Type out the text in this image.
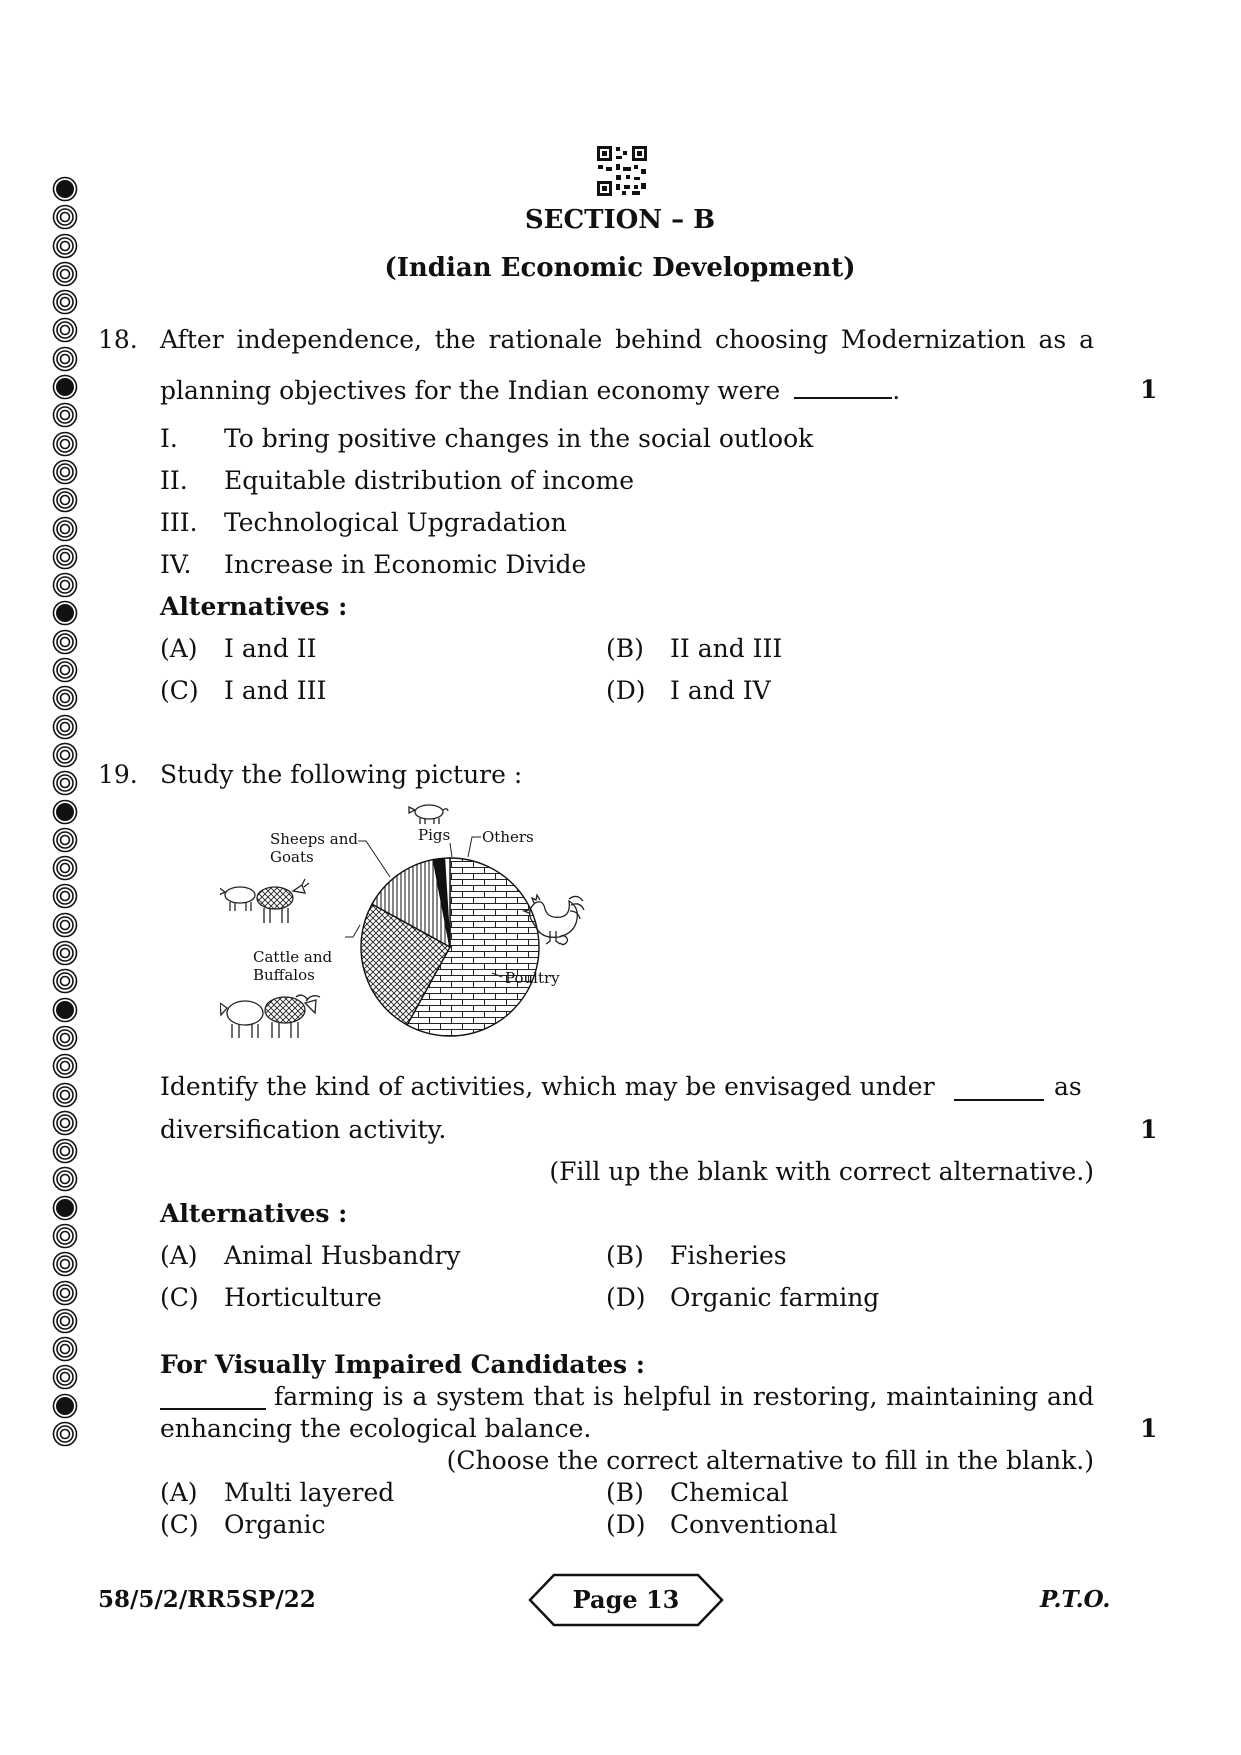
SECTION – B
(Indian Economic Development)
18. After independence, the rationale behind choosing Modernization as a
planning objectives for the Indian economy were	.	1
I. To bring positive changes in the social outlook
II. Equitable distribution of income
III. Technological Upgradation
IV. Increase in Economic Divide
Alternatives :
(A) I and II	(B) II and III
(C) I and III	(D) I and IV
19. Study the following picture :
Sheeps and
Goats
Pigs Others
Cattle and
Buffalos	Poultry
Identify the kind of activities, which may be envisaged under	as
diversification activity.	1
(Fill up the blank with correct alternative.)
Alternatives :
(A) Animal Husbandry	(B) Fisheries
(C) Horticulture	(D) Organic farming
For Visually Impaired Candidates :
farming is a system that is helpful in restoring, maintaining and
enhancing the ecological balance.	1
(Choose the correct alternative to fill in the blank.)
(A) Multi layered	(B) Chemical
(C) Organic	(D) Conventional
58/5/2/RR5SP/22	Page 13	P.T.O.
